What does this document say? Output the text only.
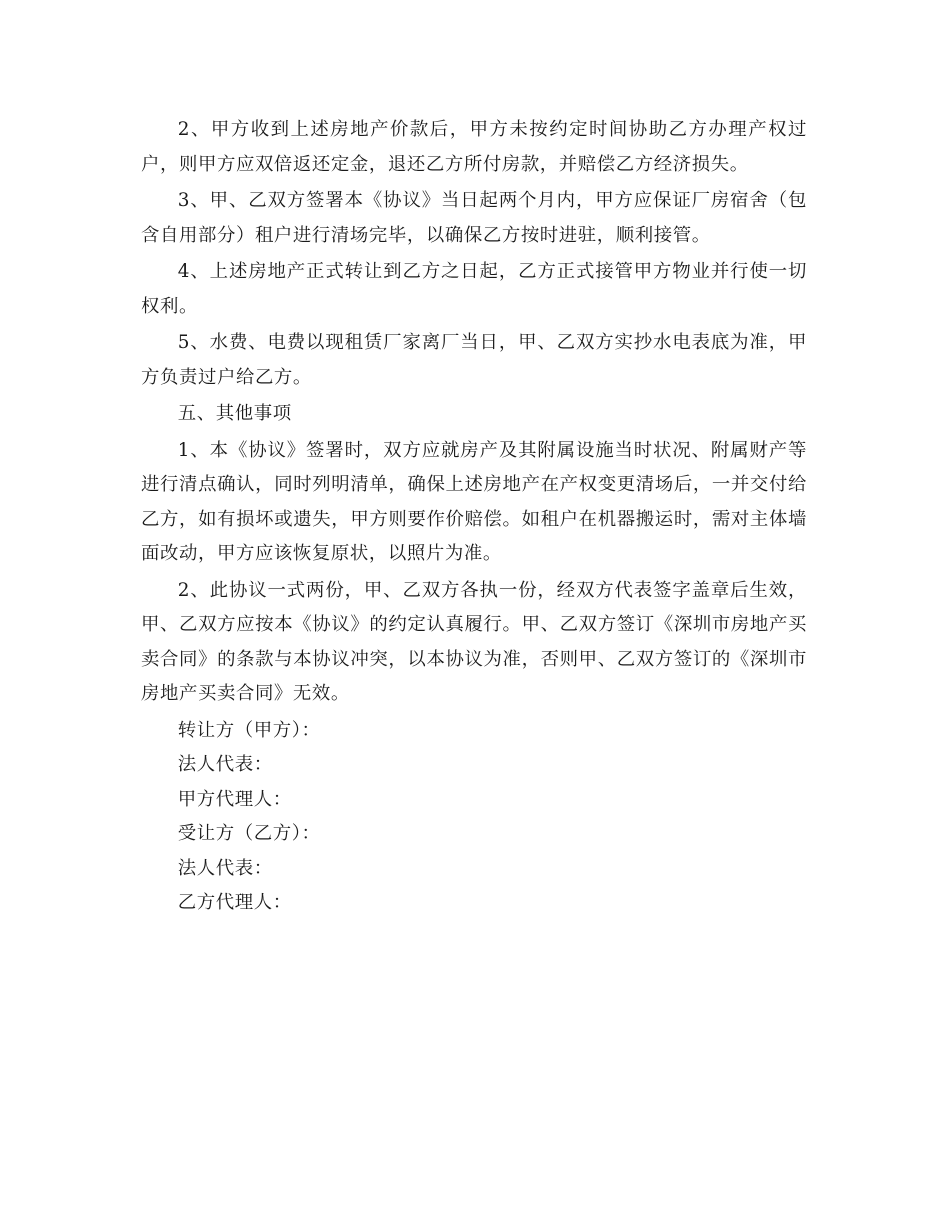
2、甲方收到上述房地产价款后，甲方未按约定时间协助乙方办理产权过户，则甲方应双倍返还定金，退还乙方所付房款，并赔偿乙方经济损失。

3、甲、乙双方签署本《协议》当日起两个月内，甲方应保证厂房宿舍（包含自用部分）租户进行清场完毕，以确保乙方按时进驻，顺利接管。

4、上述房地产正式转让到乙方之日起，乙方正式接管甲方物业并行使一切权利。

5、水费、电费以现租赁厂家离厂当日，甲、乙双方实抄水电表底为准，甲方负责过户给乙方。

五、其他事项

1、本《协议》签署时，双方应就房产及其附属设施当时状况、附属财产等进行清点确认，同时列明清单，确保上述房地产在产权变更清场后，一并交付给乙方，如有损坏或遗失，甲方则要作价赔偿。如租户在机器搬运时，需对主体墙面改动，甲方应该恢复原状，以照片为准。

2、此协议一式两份，甲、乙双方各执一份，经双方代表签字盖章后生效，甲、乙双方应按本《协议》的约定认真履行。甲、乙双方签订《深圳市房地产买卖合同》的条款与本协议冲突，以本协议为准，否则甲、乙双方签订的《深圳市房地产买卖合同》无效。

转让方（甲方）：

法人代表：

甲方代理人：

受让方（乙方）：

法人代表：

乙方代理人：
